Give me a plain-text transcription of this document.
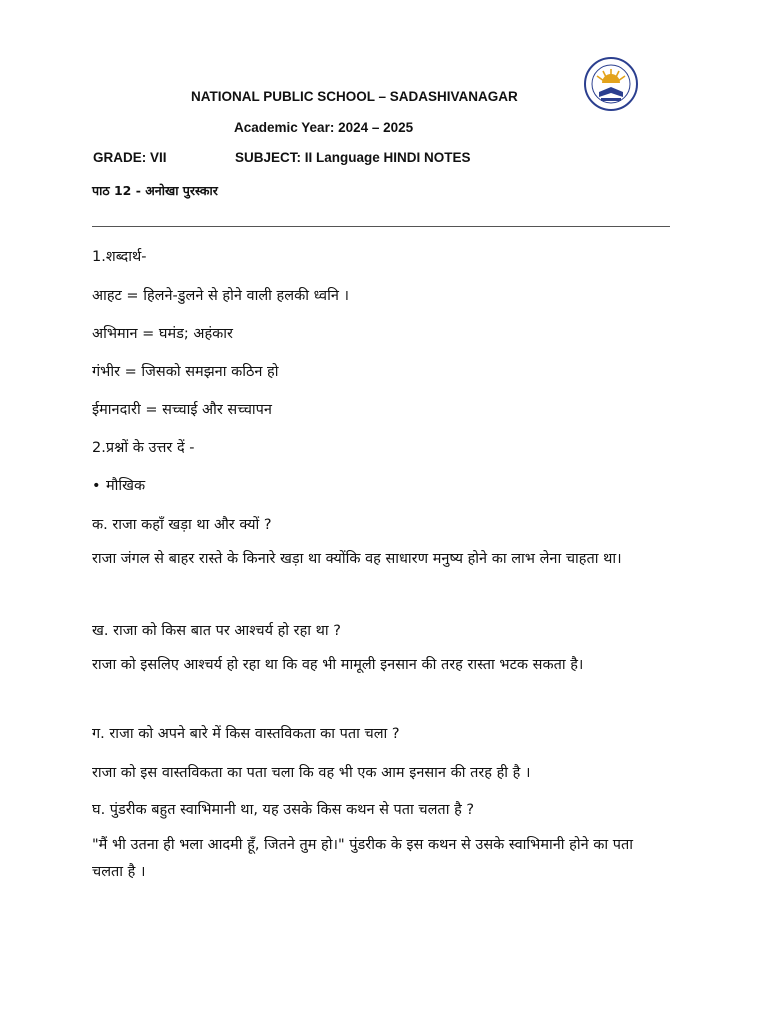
NATIONAL PUBLIC SCHOOL – SADASHIVANAGAR
Academic Year: 2024 – 2025
GRADE: VII	SUBJECT: II Language HINDI NOTES
पाठ 12 - अनोखा पुरस्कार
1.शब्दार्थ-
आहट = हिलने-डुलने से होने वाली हलकी ध्वनि ।
अभिमान = घमंड; अहंकार
गंभीर = जिसको समझना कठिन हो
ईमानदारी = सच्चाई और सच्चापन
2.प्रश्नों के उत्तर दें -
• मौखिक
क. राजा कहाँ खड़ा था और क्यों ?
राजा जंगल से बाहर रास्ते के किनारे खड़ा था क्योंकि वह साधारण मनुष्य होने का लाभ लेना चाहता था।
ख. राजा को किस बात पर आश्चर्य हो रहा था ?
राजा को इसलिए आश्चर्य हो रहा था कि वह भी मामूली इनसान की तरह रास्ता भटक सकता है।
ग. राजा को अपने बारे में किस वास्तविकता का पता चला ?
राजा को इस वास्तविकता का पता चला कि वह भी एक आम इनसान की तरह ही है ।
घ. पुंडरीक बहुत स्वाभिमानी था, यह उसके किस कथन से पता चलता है ?
"मैं भी उतना ही भला आदमी हूँ, जितने तुम हो।" पुंडरीक के इस कथन से उसके स्वाभिमानी होने का पता चलता है ।
